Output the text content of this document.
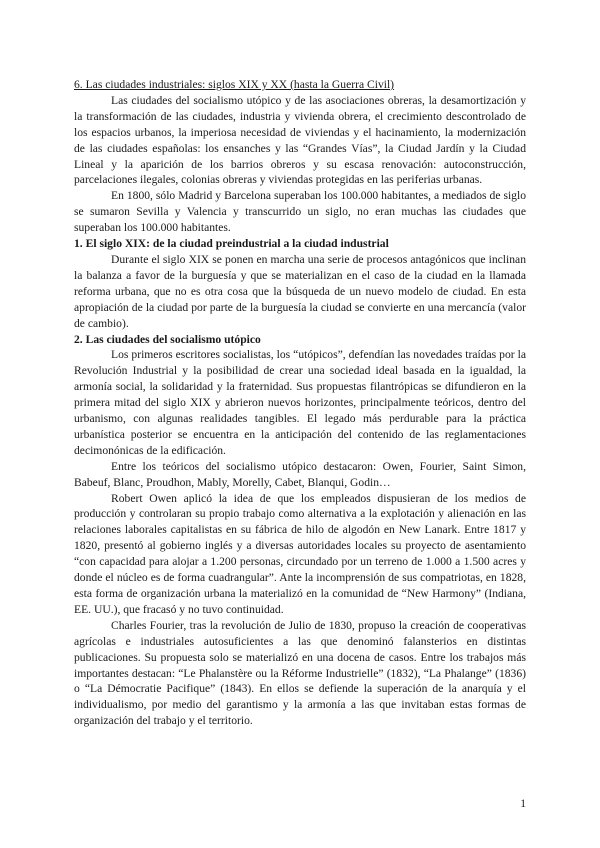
6. Las ciudades industriales: siglos XIX y XX (hasta la Guerra Civil)

Las ciudades del socialismo utópico y de las asociaciones obreras, la desamortización y la transformación de las ciudades, industria y vivienda obrera, el crecimiento descontrolado de los espacios urbanos, la imperiosa necesidad de viviendas y el hacinamiento, la modernización de las ciudades españolas: los ensanches y las “Grandes Vías”, la Ciudad Jardín y la Ciudad Lineal y la aparición de los barrios obreros y su escasa renovación: autoconstrucción, parcelaciones ilegales, colonias obreras y viviendas protegidas en las periferias urbanas.

En 1800, sólo Madrid y Barcelona superaban los 100.000 habitantes, a mediados de siglo se sumaron Sevilla y Valencia y transcurrido un siglo, no eran muchas las ciudades que superaban los 100.000 habitantes.

1. El siglo XIX: de la ciudad preindustrial a la ciudad industrial

Durante el siglo XIX se ponen en marcha una serie de procesos antagónicos que inclinan la balanza a favor de la burguesía y que se materializan en el caso de la ciudad en la llamada reforma urbana, que no es otra cosa que la búsqueda de un nuevo modelo de ciudad. En esta apropiación de la ciudad por parte de la burguesía la ciudad se convierte en una mercancía (valor de cambio).

2. Las ciudades del socialismo utópico

Los primeros escritores socialistas, los “utópicos”, defendían las novedades traídas por la Revolución Industrial y la posibilidad de crear una sociedad ideal basada en la igualdad, la armonía social, la solidaridad y la fraternidad. Sus propuestas filantrópicas se difundieron en la primera mitad del siglo XIX y abrieron nuevos horizontes, principalmente teóricos, dentro del urbanismo, con algunas realidades tangibles. El legado más perdurable para la práctica urbanística posterior se encuentra en la anticipación del contenido de las reglamentaciones decimonónicas de la edificación.

Entre los teóricos del socialismo utópico destacaron: Owen, Fourier, Saint Simon, Babeuf, Blanc, Proudhon, Mably, Morelly, Cabet, Blanqui, Godin…

Robert Owen aplicó la idea de que los empleados dispusieran de los medios de producción y controlaran su propio trabajo como alternativa a la explotación y alienación en las relaciones laborales capitalistas en su fábrica de hilo de algodón en New Lanark. Entre 1817 y 1820, presentó al gobierno inglés y a diversas autoridades locales su proyecto de asentamiento “con capacidad para alojar a 1.200 personas, circundado por un terreno de 1.000 a 1.500 acres y donde el núcleo es de forma cuadrangular”. Ante la incomprensión de sus compatriotas, en 1828, esta forma de organización urbana la materializó en la comunidad de “New Harmony” (Indiana, EE. UU.), que fracasó y no tuvo continuidad.

Charles Fourier, tras la revolución de Julio de 1830, propuso la creación de cooperativas agrícolas e industriales autosuficientes a las que denominó falansterios en distintas publicaciones. Su propuesta solo se materializó en una docena de casos. Entre los trabajos más importantes destacan: “Le Phalanstère ou la Réforme Industrielle” (1832), “La Phalange” (1836) o “La Démocratie Pacifique” (1843). En ellos se defiende la superación de la anarquía y el individualismo, por medio del garantismo y la armonía a las que invitaban estas formas de organización del trabajo y el territorio.

1
